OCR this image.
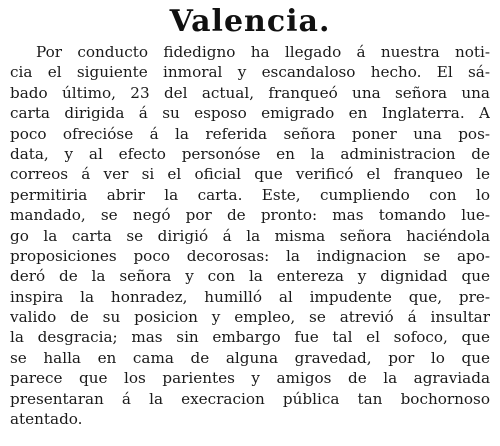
Valencia.
Por conducto fidedigno ha llegado á nuestra noti-
cia el siguiente inmoral y escandaloso hecho. El sá-
bado último, 23 del actual, franqueó una señora una
carta dirigida á su esposo emigrado en Inglaterra. A
poco ofrecióse á la referida señora poner una pos-
data, y al efecto personóse en la administracion de
correos á ver si el oficial que verificó el franqueo le
permitiria abrir la carta. Este, cumpliendo con lo
mandado, se negó por de pronto: mas tomando lue-
go la carta se dirigió á la misma señora haciéndola
proposiciones poco decorosas: la indignacion se apo-
deró de la señora y con la entereza y dignidad que
inspira la honradez, humilló al impudente que, pre-
valido de su posicion y empleo, se atrevió á insultar
la desgracia; mas sin embargo fue tal el sofoco, que
se halla en cama de alguna gravedad, por lo que
parece que los parientes y amigos de la agraviada
presentaran á la execracion pública tan bochornoso
atentado.
